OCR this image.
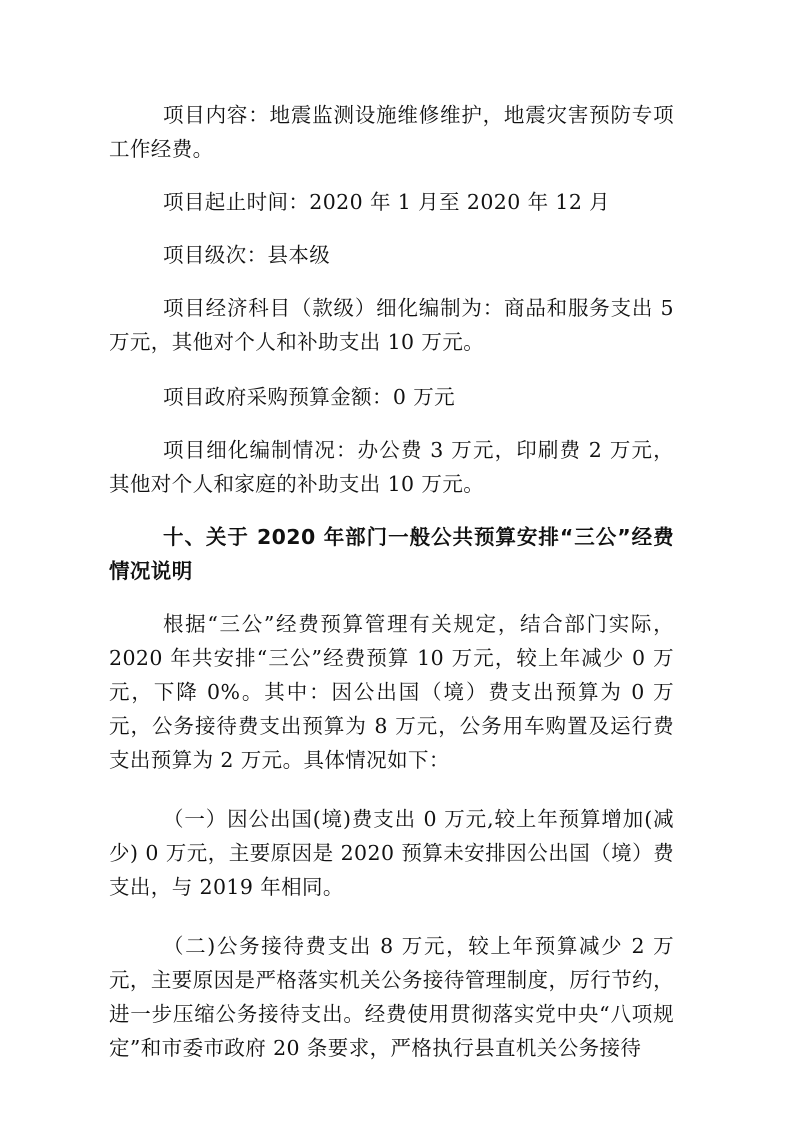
项目内容：地震监测设施维修维护，地震灾害预防专项工作经费。

项目起止时间：2020 年 1 月至 2020 年 12 月

项目级次：县本级

项目经济科目（款级）细化编制为：商品和服务支出 5 万元，其他对个人和补助支出 10 万元。

项目政府采购预算金额：0 万元

项目细化编制情况：办公费 3 万元，印刷费 2 万元，其他对个人和家庭的补助支出 10 万元。

十、关于 2020 年部门一般公共预算安排“三公”经费情况说明

根据“三公”经费预算管理有关规定，结合部门实际，2020 年共安排“三公”经费预算 10 万元，较上年减少 0 万元，下降 0%。其中：因公出国（境）费支出预算为 0 万元，公务接待费支出预算为 8 万元，公务用车购置及运行费支出预算为 2 万元。具体情况如下：

（一）因公出国(境)费支出 0 万元,较上年预算增加(减少) 0 万元，主要原因是 2020 预算未安排因公出国（境）费支出，与 2019 年相同。

（二)公务接待费支出 8 万元，较上年预算减少 2 万元，主要原因是严格落实机关公务接待管理制度，厉行节约，进一步压缩公务接待支出。经费使用贯彻落实党中央“八项规定”和市委市政府 20 条要求，严格执行县直机关公务接待
